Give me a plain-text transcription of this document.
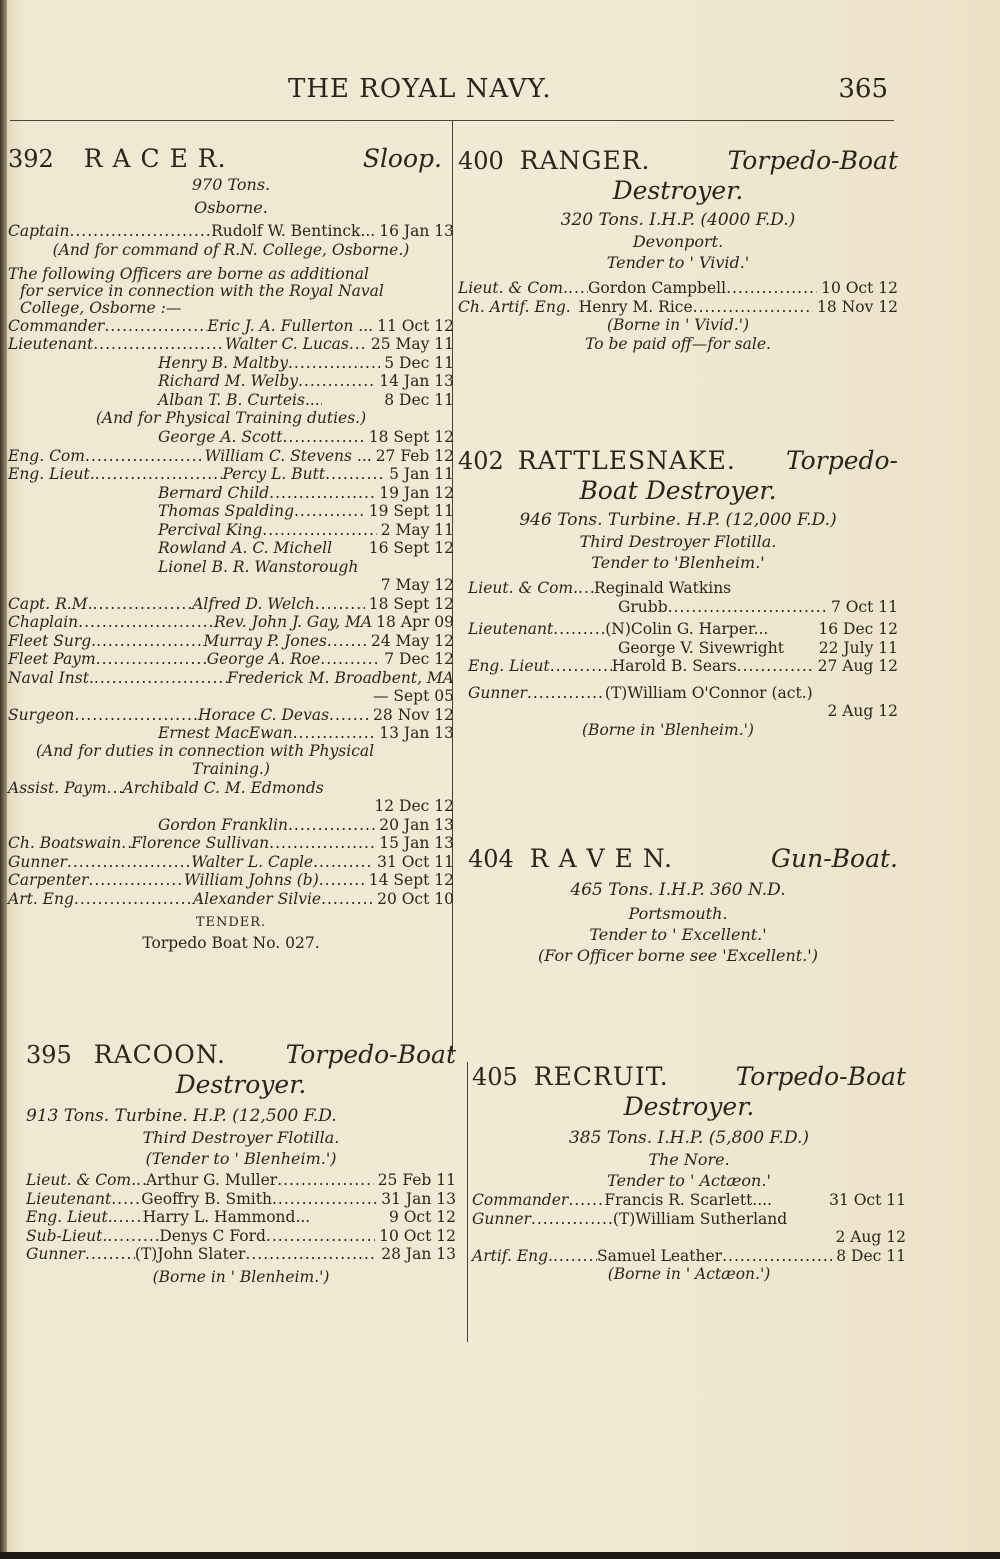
THE ROYAL NAVY.	365
392 R A C E R.	Sloop.
970 Tons.
Osborne.
Captain .....	Rudolf W. Bentinck... 16 Jan 13
(And for command of R.N. College, Osborne.)
The following Officers are borne as additional
for service in connection with the Royal Naval
College, Osborne :—
Commander .....	Eric J. A. Fullerton ... 11 Oct 12
Lieutenant .....	Walter C. Lucas ..... 25 May 11
Henry B. Maltby .....	5 Dec 11
Richard M. Welby .....	14 Jan 13
Alban T. B. Curteis... .....	8 Dec 11
(And for Physical Training duties.)
George A. Scott .....	18 Sept 12
Eng. Com .....	William C. Stevens ... 27 Feb 12
Eng. Lieut. .....	Percy L. Butt .....	5 Jan 11
Bernard Child .....	19 Jan 12
Thomas Spalding .....	19 Sept 11
Percival King .....	2 May 11
Rowland A. C. Michell 16 Sept 12
Lionel B. R. Wanstorough
7 May 12
Capt. R.M. .....	Alfred D. Welch .....	18 Sept 12
Chaplain .....	Rev. John J. Gay, MA 18 Apr 09
Fleet Surg. .....	Murray P. Jones .....	24 May 12
Fleet Paym .....	George A. Roe .....	7 Dec 12
Naval Inst. .....	Frederick M. Broadbent, MA
— Sept 05
Surgeon .....	Horace C. Devas .....	28 Nov 12
Ernest MacEwan .....	13 Jan 13
(And for duties in connection with Physical
Training.)
Assist. Paym ..... Archibald C. M. Edmonds
12 Dec 12
Gordon Franklin .....	20 Jan 13
Ch. Boatswain ..... Florence Sullivan .....	15 Jan 13
Gunner .....	Walter L. Caple .....	31 Oct 11
Carpenter .....	William Johns (b) .....	14 Sept 12
Art. Eng .....	Alexander Silvie .....	20 Oct 10
TENDER.
Torpedo Boat No. 027.
395 RACOON. Torpedo-Boat
Destroyer.
913 Tons. Turbine. H.P. (12,500 F.D.
Third Destroyer Flotilla.
(Tender to ' Blenheim.')
Lieut. & Com. ..... Arthur G. Muller .....	25 Feb 11
Lieutenant ..... Geoffry B. Smith .....	31 Jan 13
Eng. Lieut. ..... Harry L. Hammond...	9 Oct 12
Sub-Lieut. .....	Denys C Ford .....	10 Oct 12
Gunner .....	(T)John Slater .....	28 Jan 13
(Borne in ' Blenheim.')
400 RANGER.	Torpedo-Boat
Destroyer.
320 Tons. I.H.P. (4000 F.D.)
Devonport.
Tender to ' Vivid.'
Lieut. & Com. ..... Gordon Campbell .....	10 Oct 12
Ch. Artif. Eng. Henry M. Rice .....	18 Nov 12
(Borne in ' Vivid.')
To be paid off—for sale.
402 RATTLESNAKE. Torpedo-
Boat Destroyer.
946 Tons. Turbine. H.P. (12,000 F.D.)
Third Destroyer Flotilla.
Tender to 'Blenheim.'
Lieut. & Com. ..... Reginald Watkins
Grubb .....	7 Oct 11
Lieutenant .....	(N)Colin G. Harper...	16 Dec 12
George V. Sivewright 22 July 11
Eng. Lieut .....	Harold B. Sears .....	27 Aug 12
Gunner .....	(T)William O'Connor (act.)
2 Aug 12
(Borne in 'Blenheim.')
404 R A V E N.	Gun-Boat.
465 Tons. I.H.P. 360 N.D.
Portsmouth.
Tender to ' Excellent.'
(For Officer borne see 'Excellent.')
405 RECRUIT.	Torpedo-Boat
Destroyer.
385 Tons. I.H.P. (5,800 F.D.)
The Nore.
Tender to ' Actæon.'
Commander ..... Francis R. Scarlett....	31 Oct 11
Gunner .....	(T)William Sutherland
2 Aug 12
Artif. Eng. .....	Samuel Leather .....	8 Dec 11
(Borne in ' Actæon.')
